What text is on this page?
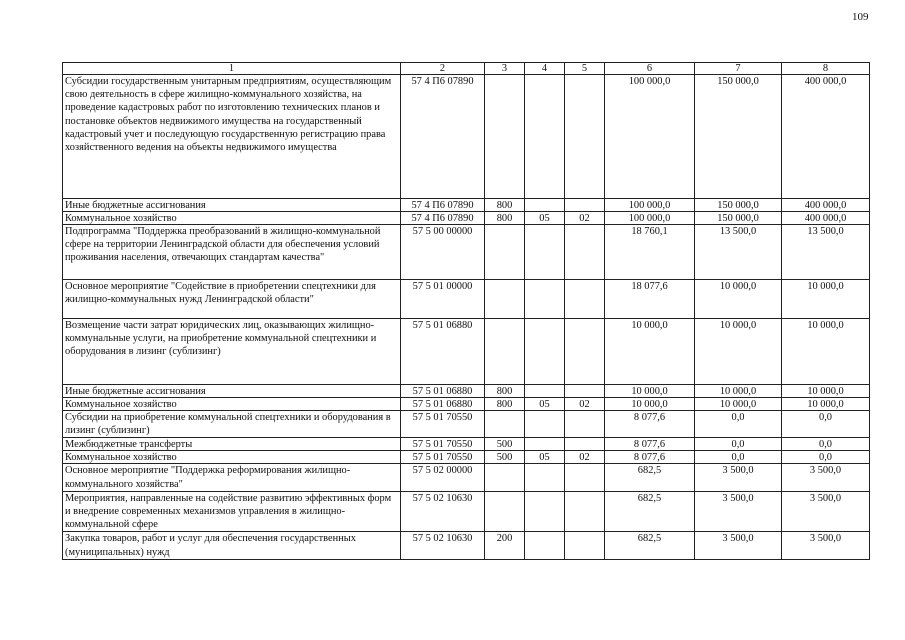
109
1	2	3	4	5	6	7	8
Субсидии государственным унитарным предприятиям, осуществляющим свою деятельность в сфере жилищно-коммунального хозяйства, на проведение кадастровых работ по изготовлению технических планов и постановке объектов недвижимого имущества на государственный кадастровый учет и последующую государственную регистрацию права хозяйственного ведения на объекты недвижимого имущества	57 4 П6 07890				100 000,0	150 000,0	400 000,0
Иные бюджетные ассигнования	57 4 П6 07890	800			100 000,0	150 000,0	400 000,0
Коммунальное хозяйство	57 4 П6 07890	800	05	02	100 000,0	150 000,0	400 000,0
Подпрограмма "Поддержка преобразований в жилищно-коммунальной сфере на территории Ленинградской области для обеспечения условий проживания населения, отвечающих стандартам качества"	57 5 00 00000				18 760,1	13 500,0	13 500,0
Основное мероприятие "Содействие в приобретении спецтехники для жилищно-коммунальных нужд Ленинградской области"	57 5 01 00000				18 077,6	10 000,0	10 000,0
Возмещение части затрат юридических лиц, оказывающих жилищно-коммунальные услуги, на приобретение коммунальной спецтехники и оборудования в лизинг (сублизинг)	57 5 01 06880				10 000,0	10 000,0	10 000,0
Иные бюджетные ассигнования	57 5 01 06880	800			10 000,0	10 000,0	10 000,0
Коммунальное хозяйство	57 5 01 06880	800	05	02	10 000,0	10 000,0	10 000,0
Субсидии на приобретение коммунальной спецтехники и оборудования в лизинг (сублизинг)	57 5 01 70550				8 077,6	0,0	0,0
Межбюджетные трансферты	57 5 01 70550	500			8 077,6	0,0	0,0
Коммунальное хозяйство	57 5 01 70550	500	05	02	8 077,6	0,0	0,0
Основное мероприятие "Поддержка реформирования жилищно-коммунального хозяйства"	57 5 02 00000				682,5	3 500,0	3 500,0
Мероприятия, направленные на содействие развитию эффективных форм и внедрение современных механизмов управления в жилищно-коммунальной сфере	57 5 02 10630				682,5	3 500,0	3 500,0
Закупка товаров, работ и услуг для обеспечения государственных (муниципальных) нужд	57 5 02 10630	200			682,5	3 500,0	3 500,0
